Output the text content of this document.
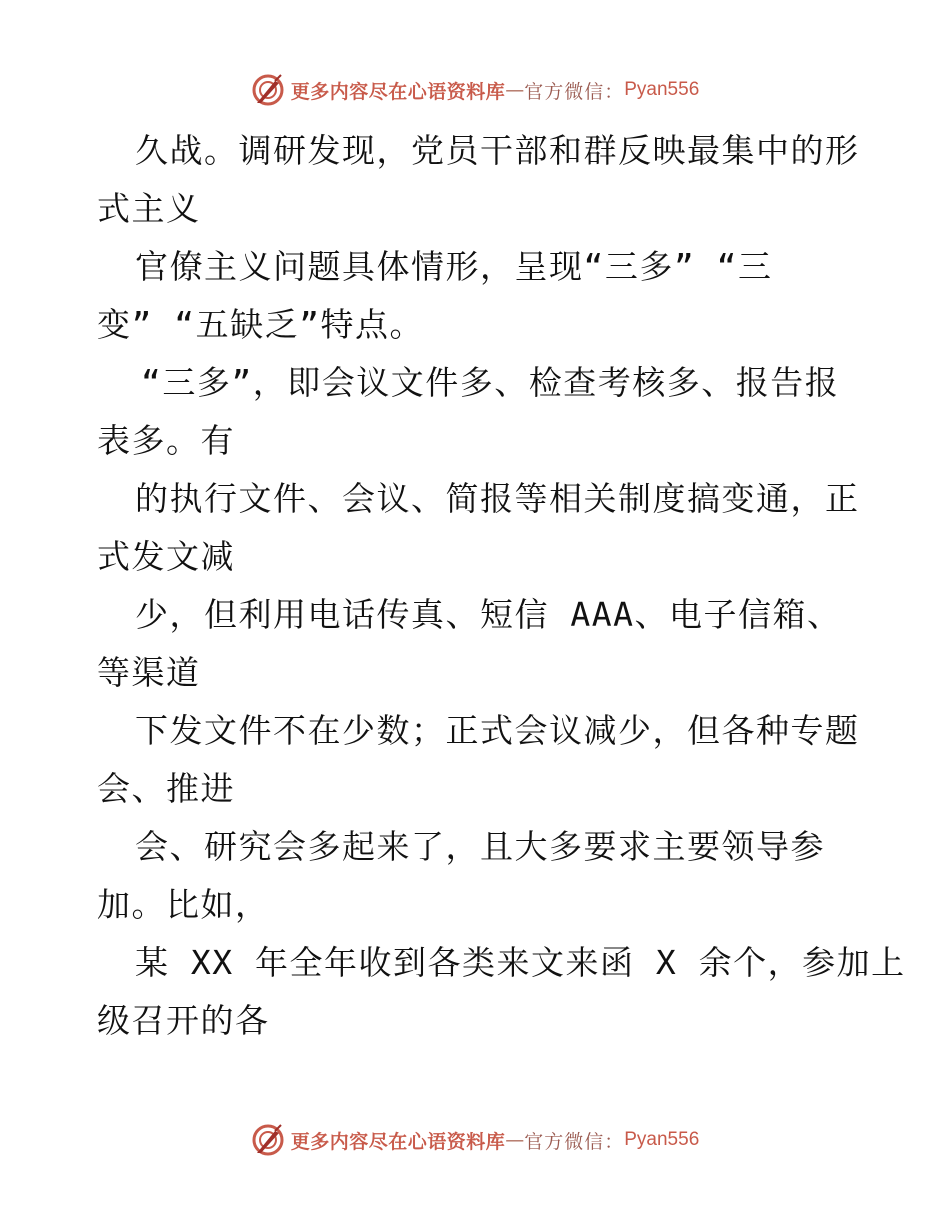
更多内容尽在心语资料库 — 官方微信： Pyan556
久战。调研发现，党员干部和群反映最集中的形
式主义
官僚主义问题具体情形，呈现“三多” “三
变” “五缺乏”特点。
“三多”，即会议文件多、检查考核多、报告报
表多。有
的执行文件、会议、简报等相关制度搞变通，正
式发文减
少，但利用电话传真、短信 AAA、电子信箱、
等渠道
下发文件不在少数；正式会议减少，但各种专题
会、推进
会、研究会多起来了，且大多要求主要领导参
加。比如，
某 XX 年全年收到各类来文来函 X 余个，参加上
级召开的各
更多内容尽在心语资料库 — 官方微信： Pyan556
